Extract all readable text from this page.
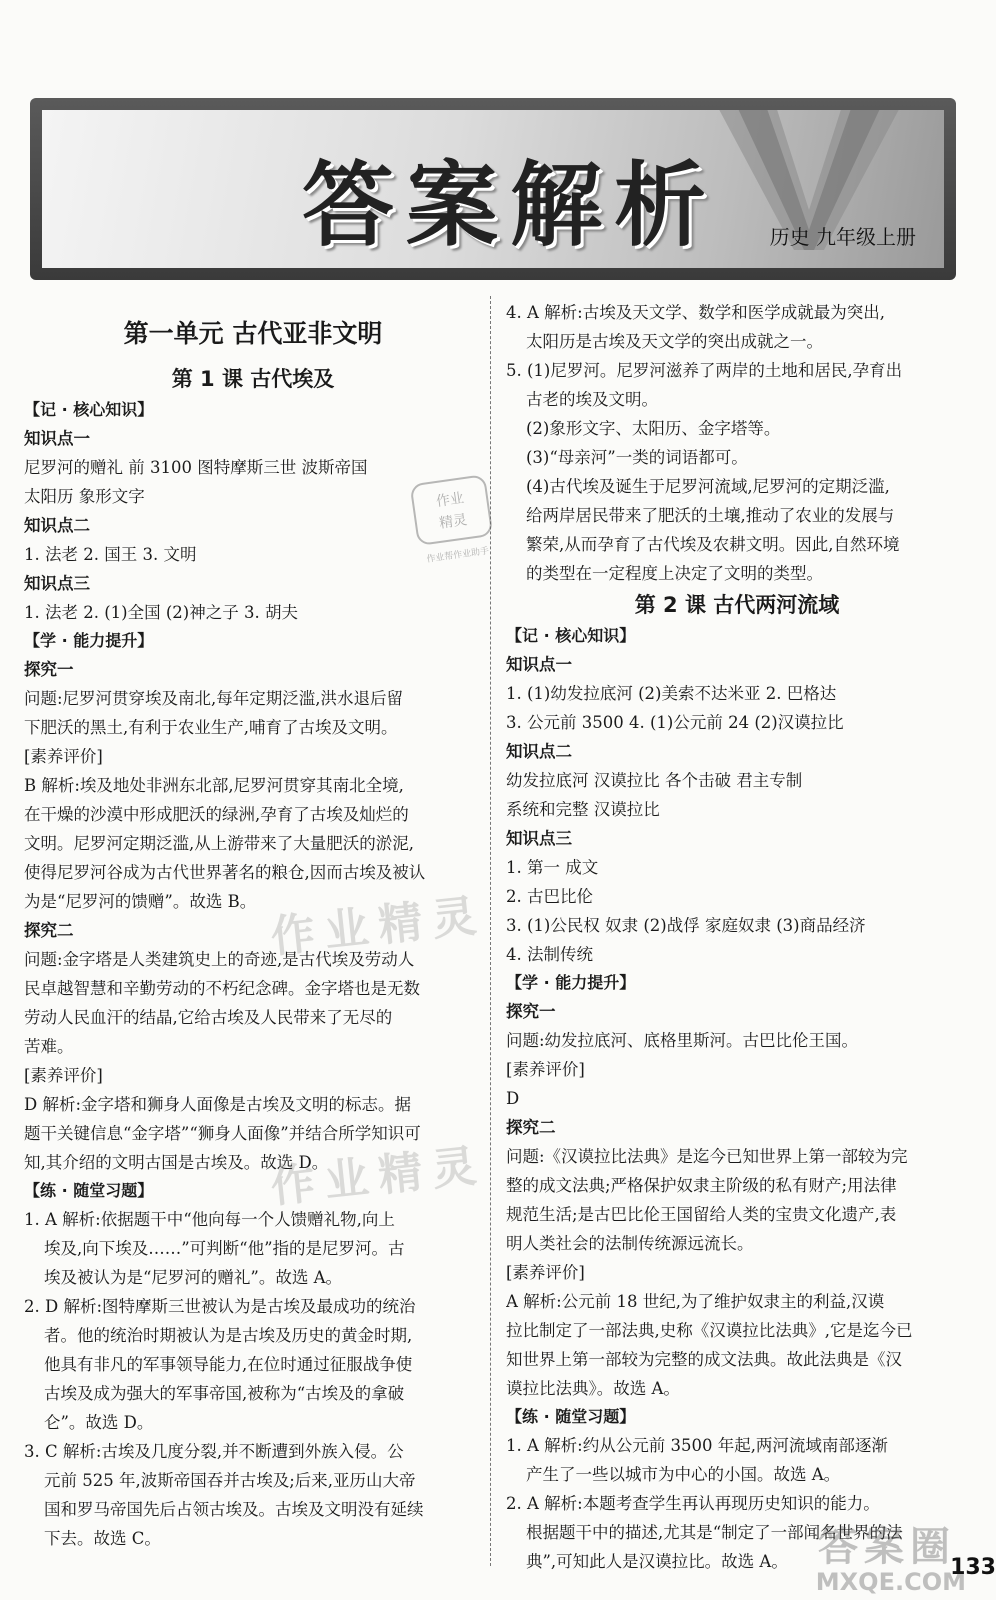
答案解析	历史 九年级上册
第一单元 古代亚非文明
第 1 课 古代埃及
【记 · 核心知识】
知识点一
尼罗河的赠礼 前 3100 图特摩斯三世 波斯帝国
太阳历 象形文字
知识点二
1. 法老 2. 国王 3. 文明
知识点三
1. 法老 2. (1)全国 (2)神之子 3. 胡夫
【学 · 能力提升】
探究一
问题:尼罗河贯穿埃及南北,每年定期泛滥,洪水退后留
下肥沃的黑土,有利于农业生产,哺育了古埃及文明。
[素养评价]
B 解析:埃及地处非洲东北部,尼罗河贯穿其南北全境,
在干燥的沙漠中形成肥沃的绿洲,孕育了古埃及灿烂的
文明。尼罗河定期泛滥,从上游带来了大量肥沃的淤泥,
使得尼罗河谷成为古代世界著名的粮仓,因而古埃及被认
为是“尼罗河的馈赠”。故选 B。
探究二
问题:金字塔是人类建筑史上的奇迹,是古代埃及劳动人
民卓越智慧和辛勤劳动的不朽纪念碑。金字塔也是无数
劳动人民血汗的结晶,它给古埃及人民带来了无尽的
苦难。
[素养评价]
D 解析:金字塔和狮身人面像是古埃及文明的标志。据
题干关键信息“金字塔”“狮身人面像”并结合所学知识可
知,其介绍的文明古国是古埃及。故选 D。
【练 · 随堂习题】
1. A 解析:依据题干中“他向每一个人馈赠礼物,向上
埃及,向下埃及……”可判断“他”指的是尼罗河。古
埃及被认为是“尼罗河的赠礼”。故选 A。
2. D 解析:图特摩斯三世被认为是古埃及最成功的统治
者。他的统治时期被认为是古埃及历史的黄金时期,
他具有非凡的军事领导能力,在位时通过征服战争使
古埃及成为强大的军事帝国,被称为“古埃及的拿破
仑”。故选 D。
3. C 解析:古埃及几度分裂,并不断遭到外族入侵。公
元前 525 年,波斯帝国吞并古埃及;后来,亚历山大帝
国和罗马帝国先后占领古埃及。古埃及文明没有延续
下去。故选 C。
4. A 解析:古埃及天文学、数学和医学成就最为突出,
太阳历是古埃及天文学的突出成就之一。
5. (1)尼罗河。尼罗河滋养了两岸的土地和居民,孕育出
古老的埃及文明。
(2)象形文字、太阳历、金字塔等。
(3)“母亲河”一类的词语都可。
(4)古代埃及诞生于尼罗河流域,尼罗河的定期泛滥,
给两岸居民带来了肥沃的土壤,推动了农业的发展与
繁荣,从而孕育了古代埃及农耕文明。因此,自然环境
的类型在一定程度上决定了文明的类型。
第 2 课 古代两河流域
【记 · 核心知识】
知识点一
1. (1)幼发拉底河 (2)美索不达米亚 2. 巴格达
3. 公元前 3500 4. (1)公元前 24 (2)汉谟拉比
知识点二
幼发拉底河 汉谟拉比 各个击破 君主专制
系统和完整 汉谟拉比
知识点三
1. 第一 成文
2. 古巴比伦
3. (1)公民权 奴隶 (2)战俘 家庭奴隶 (3)商品经济
4. 法制传统
【学 · 能力提升】
探究一
问题:幼发拉底河、底格里斯河。古巴比伦王国。
[素养评价]
D
探究二
问题:《汉谟拉比法典》是迄今已知世界上第一部较为完
整的成文法典;严格保护奴隶主阶级的私有财产;用法律
规范生活;是古巴比伦王国留给人类的宝贵文化遗产,表
明人类社会的法制传统源远流长。
[素养评价]
A 解析:公元前 18 世纪,为了维护奴隶主的利益,汉谟
拉比制定了一部法典,史称《汉谟拉比法典》,它是迄今已
知世界上第一部较为完整的成文法典。故此法典是《汉
谟拉比法典》。故选 A。
【练 · 随堂习题】
1. A 解析:约从公元前 3500 年起,两河流域南部逐渐
产生了一些以城市为中心的小国。故选 A。
2. A 解析:本题考查学生再认再现历史知识的能力。
根据题干中的描述,尤其是“制定了一部闻名世界的法
典”,可知此人是汉谟拉比。故选 A。
作业
精灵
作业帮作业助手
作业精灵
作业精灵
答案圈
MXQE.COM
133
